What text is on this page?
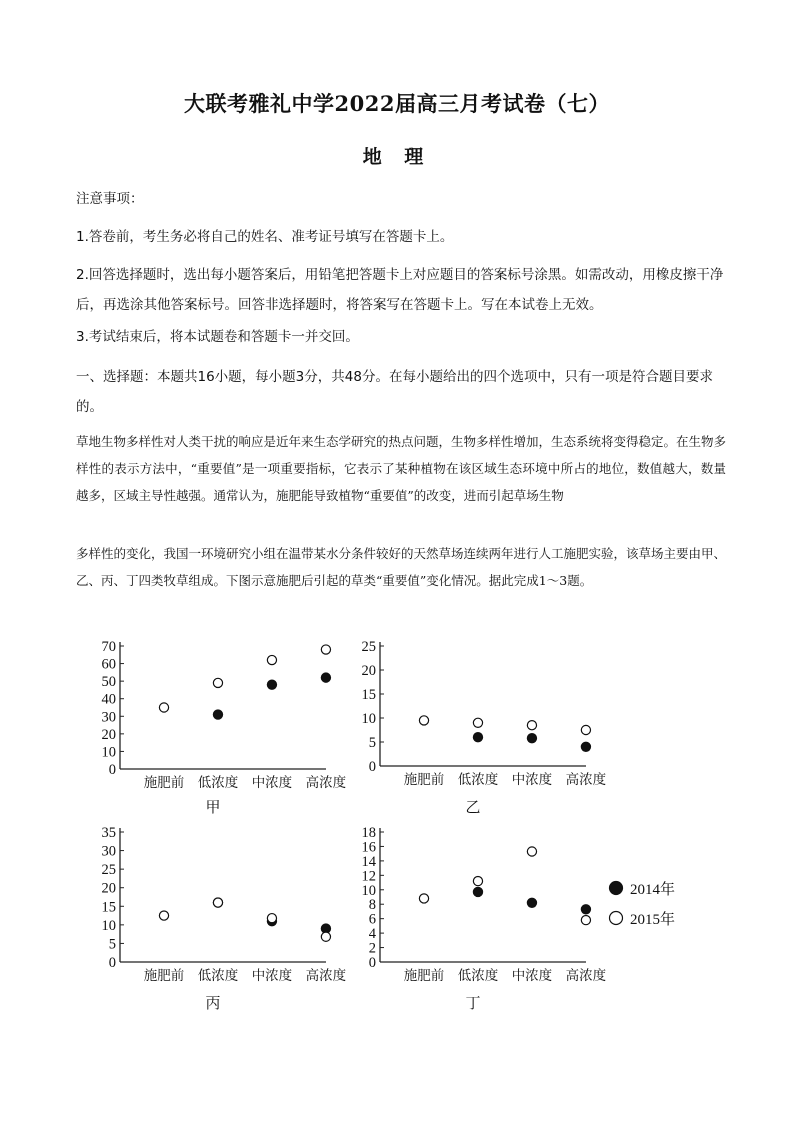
大联考雅礼中学2022届高三月考试卷（七）
地 理
注意事项：
1.答卷前，考生务必将自己的姓名、准考证号填写在答题卡上。
2.回答选择题时，选出每小题答案后，用铅笔把答题卡上对应题目的答案标号涂黑。如需改动，用橡皮擦干净后，再选涂其他答案标号。回答非选择题时，将答案写在答题卡上。写在本试卷上无效。
3.考试结束后，将本试题卷和答题卡一并交回。
一、选择题：本题共16小题，每小题3分，共48分。在每小题给出的四个选项中，只有一项是符合题目要求的。
草地生物多样性对人类干扰的响应是近年来生态学研究的热点问题，生物多样性增加，生态系统将变得稳定。在生物多样性的表示方法中，“重要值”是一项重要指标，它表示了某种植物在该区域生态环境中所占的地位，数值越大，数量越多，区域主导性越强。通常认为，施肥能导致植物“重要值”的改变，进而引起草场生物
多样性的变化，我国一环境研究小组在温带某水分条件较好的天然草场连续两年进行人工施肥实验，该草场主要由甲、乙、丙、丁四类牧草组成。下图示意施肥后引起的草类“重要值”变化情况。据此完成1～3题。
0
10
20
30
40
50
60
70
施肥前 低浓度 中浓度 高浓度
甲
0
5
10
15
20
25
施肥前 低浓度 中浓度 高浓度
乙
0
5
10
15
20
25
30
35
施肥前 低浓度 中浓度 高浓度
丙
0
2
4
6
8
10
12
14
16
18
施肥前 低浓度 中浓度 高浓度
丁
2014年
2015年
